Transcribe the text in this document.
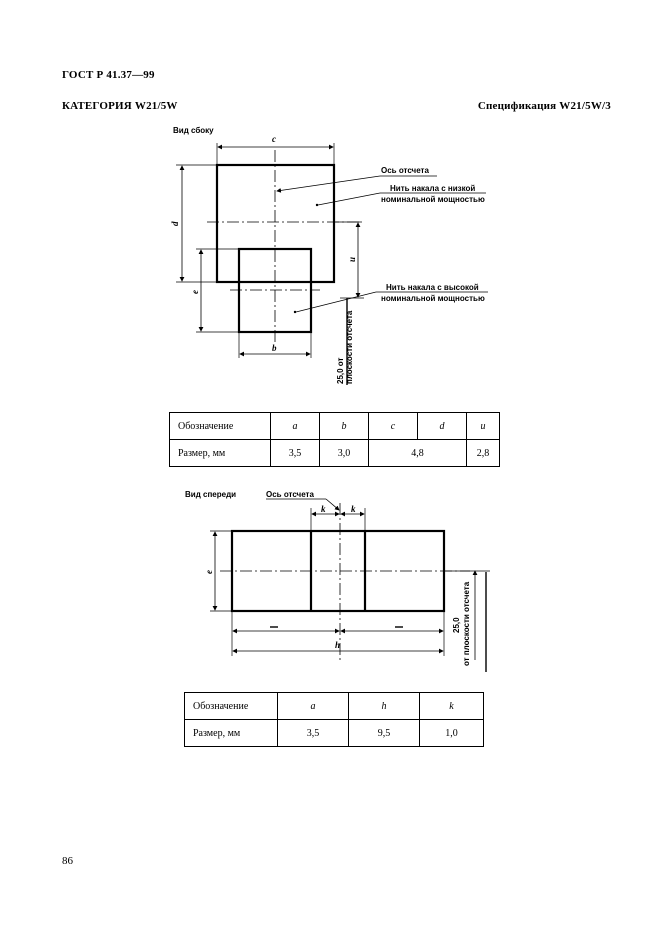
ГОСТ Р 41.37—99
КАТЕГОРИЯ W21/5W	Спецификация W21/5W/3
Вид сбоку
c
d
e
b
u
25,0 от плоскости отсчета
Ось отсчета
Нить накала с низкой
номинальной мощностью
Нить накала с высокой
номинальной мощностью
Вид спереди	Ось отсчета
k	k
e
h
25,0 от плоскости отсчета
Обозначение	a	b	c	d	u
Размер, мм	3,5	3,0	4,8		2,8
Обозначение	a	h	k
Размер, мм	3,5	9,5	1,0
86
